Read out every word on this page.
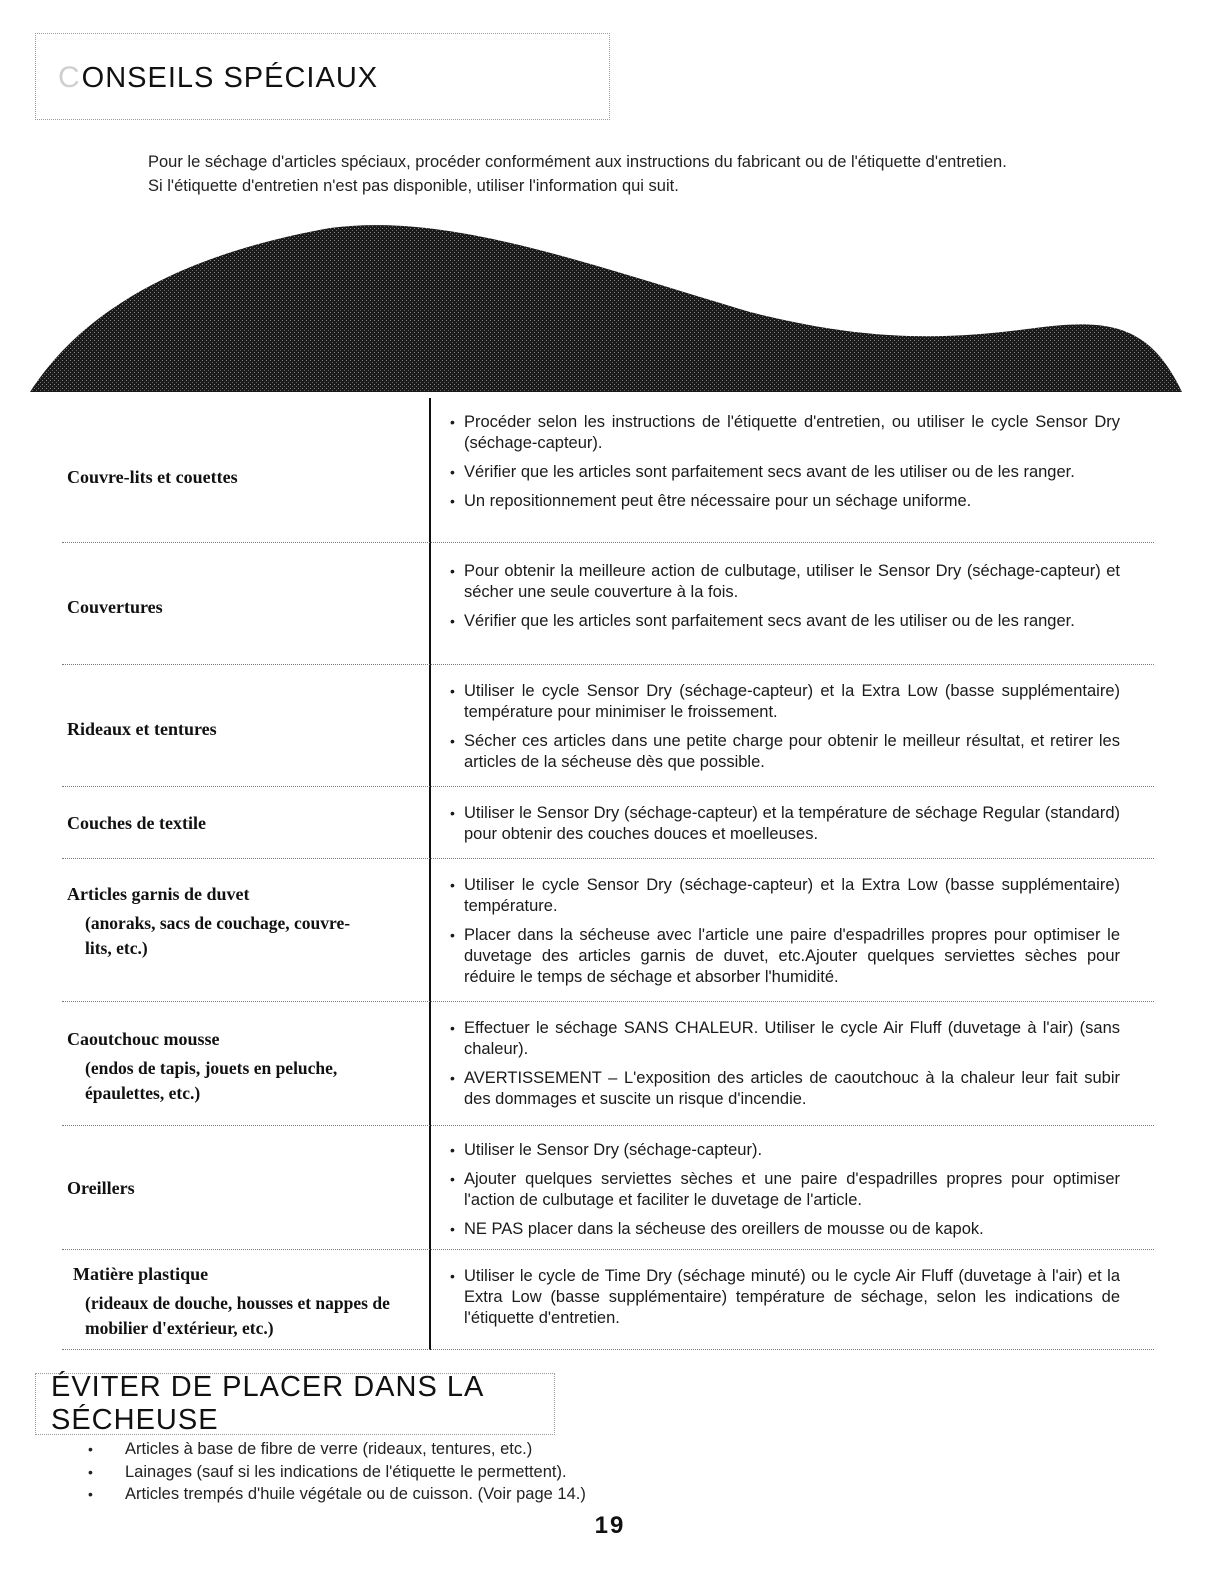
C ONSEILS SPÉCIAUX

Pour le séchage d'articles spéciaux, procéder conformément aux instructions du fabricant ou de l'étiquette d'entretien.

Si l'étiquette d'entretien n'est pas disponible, utiliser l'information qui suit.

Couvre-lits et couettes
• Procéder selon les instructions de l'étiquette d'entretien, ou utiliser le cycle Sensor Dry (séchage-capteur).
• Vérifier que les articles sont parfaitement secs avant de les utiliser ou de les ranger.
• Un repositionnement peut être nécessaire pour un séchage uniforme.
Couvertures
• Pour obtenir la meilleure action de culbutage, utiliser le Sensor Dry (séchage-capteur) et sécher une seule couverture à la fois.
• Vérifier que les articles sont parfaitement secs avant de les utiliser ou de les ranger.
Rideaux et tentures
• Utiliser le cycle Sensor Dry (séchage-capteur) et la Extra Low (basse supplémentaire) température pour minimiser le froissement.
• Sécher ces articles dans une petite charge pour obtenir le meilleur résultat, et retirer les articles de la sécheuse dès que possible.
Couches de textile
•	Utiliser le Sensor Dry (séchage-capteur) et la température de séchage Regular (standard) pour obtenir des couches douces et moelleuses.
Articles garnis de duvet
(anoraks, sacs de couchage, couvre-lits, etc.)
• Utiliser le cycle Sensor Dry (séchage-capteur) et la Extra Low (basse supplémentaire) température.
• Placer dans la sécheuse avec l'article une paire d'espadrilles propres pour optimiser le duvetage des articles garnis de duvet, etc.Ajouter quelques serviettes sèches pour réduire le temps de séchage et absorber l'humidité.
Caoutchouc mousse
(endos de tapis, jouets en peluche, épaulettes, etc.)
• Effectuer le séchage SANS CHALEUR. Utiliser le cycle Air Fluff (duvetage à l'air) (sans chaleur).
• AVERTISSEMENT – L'exposition des articles de caoutchouc à la chaleur leur fait subir des dommages et suscite un risque d'incendie.
Oreillers
• Utiliser le Sensor Dry (séchage-capteur).
• Ajouter quelques serviettes sèches et une paire d'espadrilles propres pour optimiser l'action de culbutage et faciliter le duvetage de l'article.
• NE PAS placer dans la sécheuse des oreillers de mousse ou de kapok.
Matière plastique
(rideaux de douche, housses et nappes de mobilier d'extérieur, etc.)
• Utiliser le cycle de Time Dry (séchage minuté) ou le cycle Air Fluff (duvetage à l'air) et la Extra Low (basse supplémentaire) température de séchage, selon les indications de l'étiquette d'entretien.
ÉVITER DE PLACER DANS LA SÉCHEUSE
• Articles à base de fibre de verre (rideaux, tentures, etc.)
• Lainages (sauf si les indications de l'étiquette le permettent).
• Articles trempés d'huile végétale ou de cuisson. (Voir page 14.)
19
